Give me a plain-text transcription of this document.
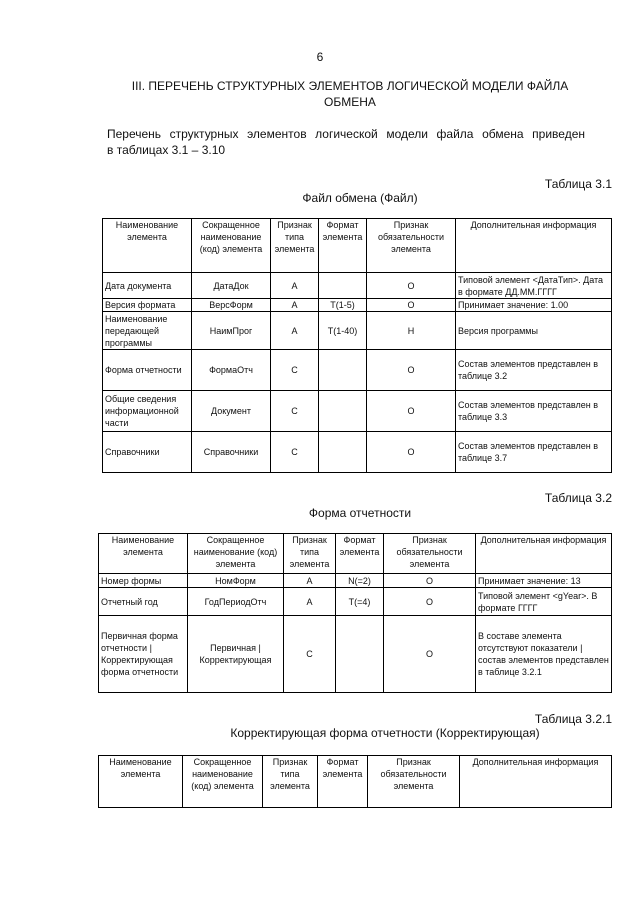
6
III. ПЕРЕЧЕНЬ СТРУКТУРНЫХ ЭЛЕМЕНТОВ ЛОГИЧЕСКОЙ МОДЕЛИ ФАЙЛА
ОБМЕНА
Перечень структурных элементов логической модели файла обмена приведен
в таблицах 3.1 – 3.10
Таблица 3.1
Файл обмена (Файл)
Наименование элемента	Сокращенное наименование (код) элемента	Признак типа элемента	Формат элемента	Признак обязательности элемента	Дополнительная информация
Дата документа	ДатаДок	А		О	Типовой элемент <ДатаТип>. Дата в формате ДД.ММ.ГГГГ
Версия формата	ВерсФорм	А	Т(1-5)	О	Принимает значение: 1.00
Наименование передающей программы	НаимПрог	А	Т(1-40)	Н	Версия программы
Форма отчетности	ФормаОтч	С		О	Состав элементов представлен в таблице 3.2
Общие сведения информационной части	Документ	С		О	Состав элементов представлен в таблице 3.3
Справочники	Справочники	С		О	Состав элементов представлен в таблице 3.7
Таблица 3.2
Форма отчетности
Наименование элемента	Сокращенное наименование (код) элемента	Признак типа элемента	Формат элемента	Признак обязательности элемента	Дополнительная информация
Номер формы	НомФорм	А	N(=2)	О	Принимает значение: 13
Отчетный год	ГодПериодОтч	А	Т(=4)	О	Типовой элемент <gYear>. В формате ГГГГ
Первичная форма отчетности | Корректирующая форма отчетности	Первичная | Корректирующая	С		О	В составе элемента отсутствуют показатели | состав элементов представлен в таблице 3.2.1
Таблица 3.2.1
Корректирующая форма отчетности (Корректирующая)
Наименование элемента	Сокращенное наименование (код) элемента	Признак типа элемента	Формат элемента	Признак обязательности элемента	Дополнительная информация
